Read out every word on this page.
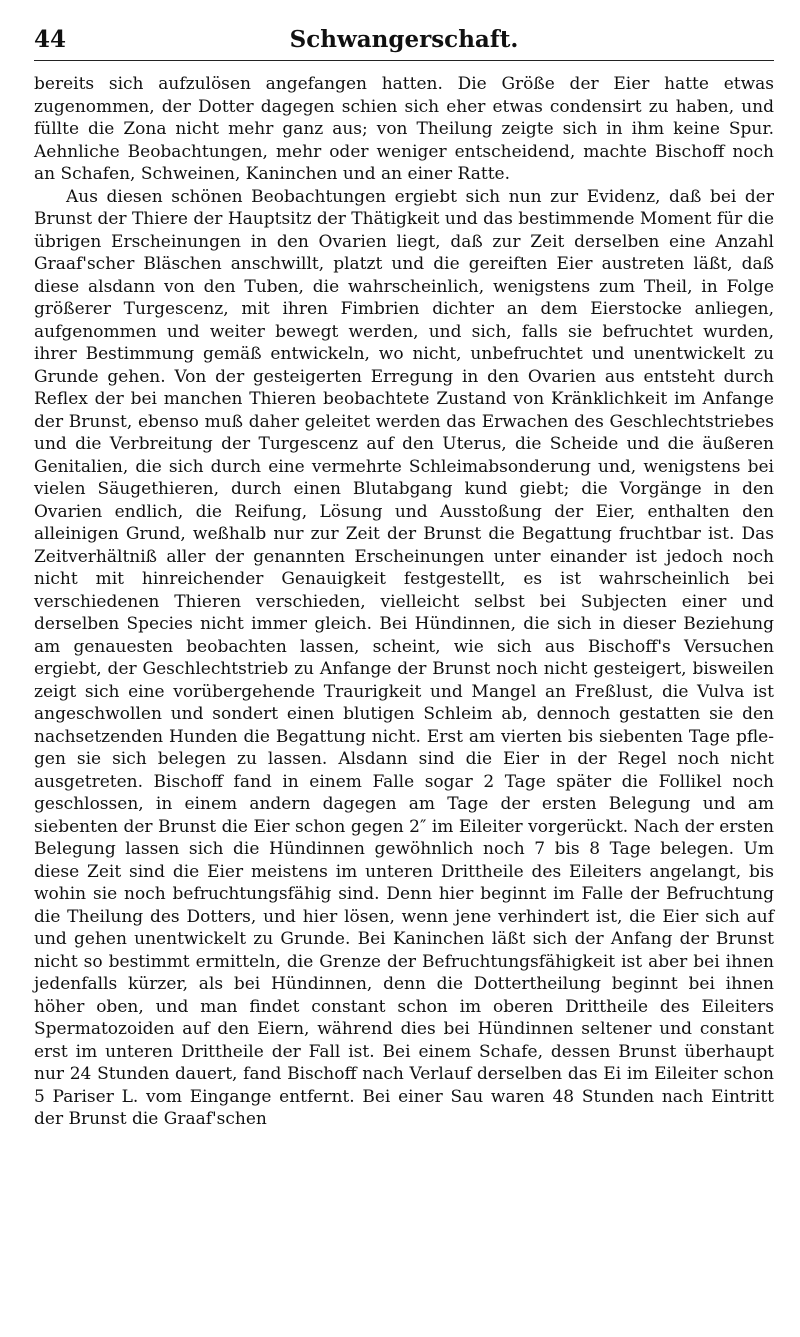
44	Schwangerschaft.

bereits sich aufzulösen angefangen hatten. Die Größe der Eier hatte etwas zugenommen, der Dotter dagegen schien sich eher etwas condensirt zu haben, und füllte die Zona nicht mehr ganz aus; von Theilung zeigte sich in ihm keine Spur. Aehnliche Beobachtungen, mehr oder weniger entscheidend, machte Bischoff noch an Schafen, Schweinen, Kaninchen und an einer Ratte.

Aus diesen schönen Beobachtungen ergiebt sich nun zur Evidenz, daß bei der Brunst der Thiere der Hauptsitz der Thätigkeit und das bestimmende Moment für die übrigen Erscheinungen in den Ovarien liegt, daß zur Zeit derselben eine Anzahl Graaf'scher Bläschen anschwillt, platzt und die gereiften Eier austreten läßt, daß diese alsdann von den Tuben, die wahrscheinlich, wenigstens zum Theil, in Folge größerer Turgescenz, mit ihren Fimbrien dichter an dem Eierstocke anliegen, aufgenommen und weiter bewegt werden, und sich, falls sie befruchtet wurden, ihrer Bestimmung gemäß entwickeln, wo nicht, unbefruchtet und unentwickelt zu Grunde gehen. Von der gesteigerten Erregung in den Ovarien aus entsteht durch Reflex der bei manchen Thieren beobachtete Zustand von Kränklichkeit im Anfange der Brunst, ebenso muß daher geleitet werden das Erwachen des Geschlechtstriebes und die Verbreitung der Turgescenz auf den Uterus, die Scheide und die äußeren Genitalien, die sich durch eine vermehrte Schleimabsonderung und, wenigstens bei vielen Säugethieren, durch einen Blutabgang kund giebt; die Vorgänge in den Ovarien endlich, die Reifung, Lösung und Ausstoßung der Eier, enthalten den alleinigen Grund, weßhalb nur zur Zeit der Brunst die Begattung fruchtbar ist. Das Zeitverhältniß aller der genannten Erscheinungen unter einander ist jedoch noch nicht mit hinreichender Genauigkeit festgestellt, es ist wahrscheinlich bei verschiedenen Thieren verschieden, vielleicht selbst bei Subjecten einer und derselben Species nicht immer gleich. Bei Hündinnen, die sich in dieser Beziehung am genauesten beobachten lassen, scheint, wie sich aus Bischoff's Versuchen ergiebt, der Geschlechtstrieb zu Anfange der Brunst noch nicht gesteigert, bisweilen zeigt sich eine vorübergehende Traurigkeit und Mangel an Freßlust, die Vulva ist angeschwollen und sondert einen blutigen Schleim ab, dennoch gestatten sie den nachsetzenden Hunden die Begattung nicht. Erst am vierten bis siebenten Tage pflegen sie sich belegen zu lassen. Alsdann sind die Eier in der Regel noch nicht ausgetreten. Bischoff fand in einem Falle sogar 2 Tage später die Follikel noch geschlossen, in einem andern dagegen am Tage der ersten Belegung und am siebenten der Brunst die Eier schon gegen 2″ im Eileiter vorgerückt. Nach der ersten Belegung lassen sich die Hündinnen gewöhnlich noch 7 bis 8 Tage belegen. Um diese Zeit sind die Eier meistens im unteren Drittheile des Eileiters angelangt, bis wohin sie noch befruchtungsfähig sind. Denn hier beginnt im Falle der Befruchtung die Theilung des Dotters, und hier lösen, wenn jene verhindert ist, die Eier sich auf und gehen unentwickelt zu Grunde. Bei Kaninchen läßt sich der Anfang der Brunst nicht so bestimmt ermitteln, die Grenze der Befruchtungsfähigkeit ist aber bei ihnen jedenfalls kürzer, als bei Hündinnen, denn die Dottertheilung beginnt bei ihnen höher oben, und man findet constant schon im oberen Drittheile des Eileiters Spermatozoiden auf den Eiern, während dies bei Hündinnen seltener und constant erst im unteren Drittheile der Fall ist. Bei einem Schafe, dessen Brunst überhaupt nur 24 Stunden dauert, fand Bischoff nach Verlauf derselben das Ei im Eileiter schon 5 Pariser L. vom Eingange entfernt. Bei einer Sau waren 48 Stunden nach Eintritt der Brunst die Graaf'schen
